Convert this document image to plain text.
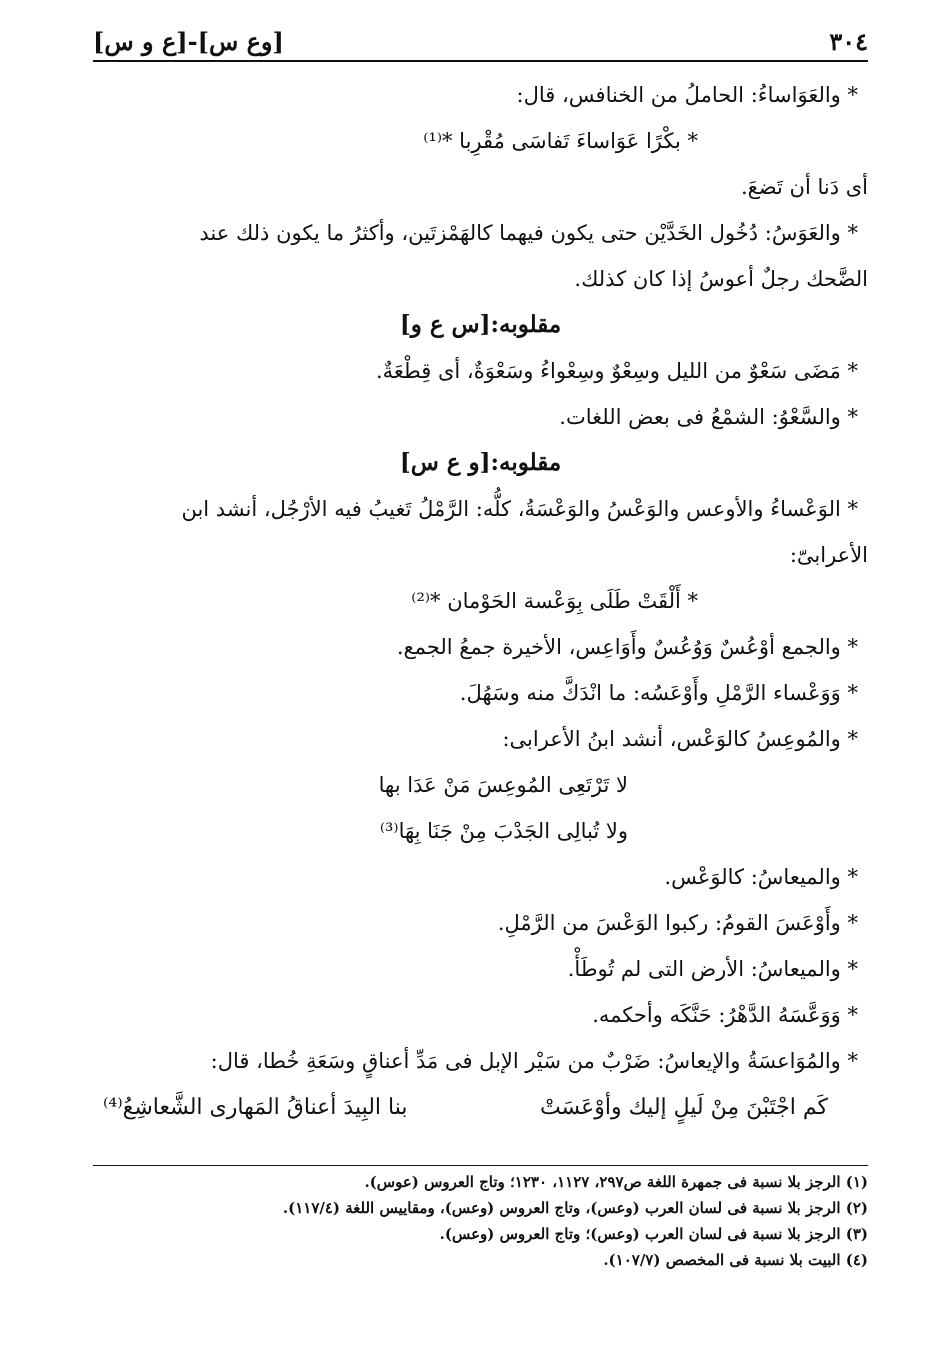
[ع و س]-[وع س]	٣٠٤
* والعَوَاساءُ: الحاملُ من الخنافس، قال:
* بكْرًا عَوَاساءَ تَفاسَى مُقْرِبا *⁽¹⁾
أى دَنا أن تَضعَ.
* والعَوَسُ: دُخُول الخَدَّيْن حتى يكون فيهما كالهَمْزتَين، وأكثرُ ما يكون ذلك عند
الضَّحك رجلٌ أعوسُ إذا كان كذلك.
مقلوبه:[س ع و]
* مَضَى سَعْوٌ من الليل وسِعْوٌ وسِعْواءُ وسَعْوَةٌ، أى قِطْعَةٌ.
* والسَّعْوُ: الشمْعُ فى بعض اللغات.
مقلوبه:[و ع س]
* الوَعْساءُ والأوعس والوَعْسُ والوَعْسَةُ، كلُّه: الرَّمْلُ تَغيبُ فيه الأرْجُل، أنشد ابن
الأعرابىّ:
* أَلْقَتْ طَلَى بِوَعْسة الحَوْمان *⁽²⁾
* والجمع أوْعُسٌ وَوُعُسٌ وأَوَاعِس، الأخيرة جمعُ الجمع.
* وَوَعْساء الرَّمْلِ وأَوْعَسُه: ما انْدَكَّ منه وسَهُلَ.
* والمُوعِسُ كالوَعْس، أنشد ابنُ الأعرابى:
لا تَرْتَعِى المُوعِسَ مَنْ عَدَا بها
ولا تُبالِى الجَدْبَ مِنْ جَنَا بِهَا⁽³⁾
* والميعاسُ: كالوَعْس.
* وأَوْعَسَ القومُ: ركبوا الوَعْسَ من الرَّمْلِ.
* والميعاسُ: الأرض التى لم تُوطَأْ.
* وَوَعَّسَهُ الدَّهْرُ: حَنَّكَه وأحكمه.
* والمُوَاعسَةُ والإيعاسُ: ضَرْبٌ من سَيْر الإبل فى مَدِّ أعناقٍ وسَعَةِ خُطا، قال:
كَم اجْتَبْنَ مِنْ لَيلٍ إليك وأوْعَسَتْ
بنا البِيدَ أعناقُ المَهارى الشَّعاشِعُ⁽⁴⁾
(١) الرجز بلا نسبة فى جمهرة اللغة ص٢٩٧، ١١٢٧، ١٢٣٠؛ وتاج العروس (عوس).
(٢) الرجز بلا نسبة فى لسان العرب (وعس)، وتاج العروس (وعس)، ومقاييس اللغة (١١٧/٤).
(٣) الرجز بلا نسبة فى لسان العرب (وعس)؛ وتاج العروس (وعس).
(٤) البيت بلا نسبة فى المخصص (١٠٧/٧).
